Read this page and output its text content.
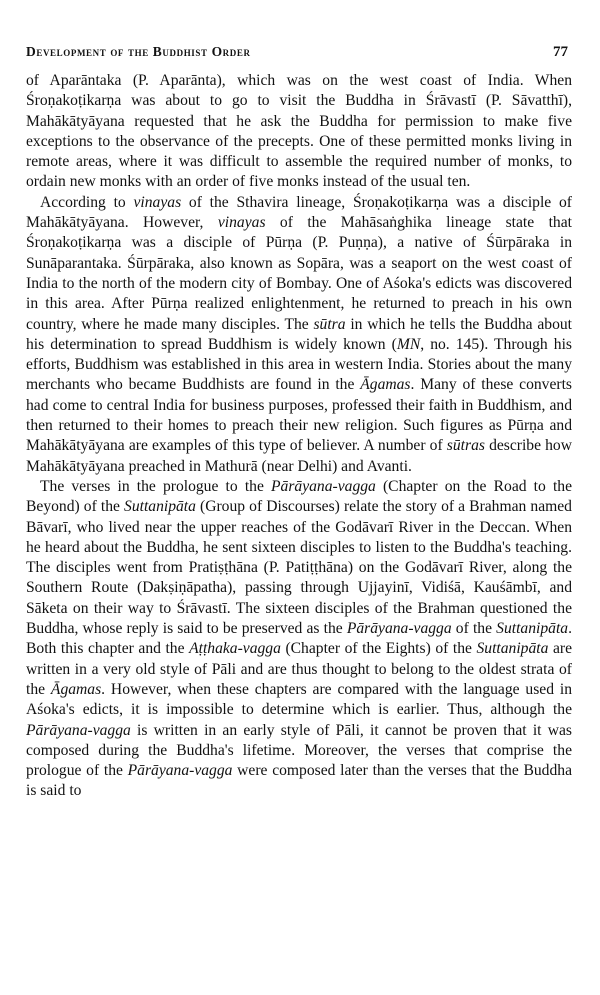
Development of the Buddhist Order	77

of Aparāntaka (P. Aparānta), which was on the west coast of India. When Śroṇakoṭikarṇa was about to go to visit the Buddha in Śrāvastī (P. Sāvatthī), Mahākātyāyana requested that he ask the Buddha for permission to make five exceptions to the observance of the precepts. One of these permitted monks living in remote areas, where it was difficult to assemble the required number of monks, to ordain new monks with an order of five monks instead of the usual ten.

According to vinayas of the Sthavira lineage, Śroṇakoṭikarṇa was a disciple of Mahākātyāyana. However, vinayas of the Mahāsaṅghika lineage state that Śroṇakoṭikarṇa was a disciple of Pūrṇa (P. Puṇṇa), a native of Śūrpāraka in Sunāparantaka. Śūrpāraka, also known as Sopāra, was a seaport on the west coast of India to the north of the modern city of Bombay. One of Aśoka's edicts was discovered in this area. After Pūrṇa realized enlightenment, he returned to preach in his own country, where he made many disciples. The sūtra in which he tells the Buddha about his determination to spread Buddhism is widely known (MN, no. 145). Through his efforts, Buddhism was established in this area in western India. Stories about the many merchants who became Buddhists are found in the Āgamas. Many of these converts had come to central India for business purposes, professed their faith in Buddhism, and then returned to their homes to preach their new religion. Such figures as Pūrṇa and Mahākātyāyana are examples of this type of believer. A number of sūtras describe how Mahākātyāyana preached in Mathurā (near Delhi) and Avanti.

The verses in the prologue to the Pārāyana-vagga (Chapter on the Road to the Beyond) of the Suttanipāta (Group of Discourses) relate the story of a Brahman named Bāvarī, who lived near the upper reaches of the Godāvarī River in the Deccan. When he heard about the Buddha, he sent sixteen disciples to listen to the Buddha's teaching. The disciples went from Pratiṣṭhāna (P. Patiṭṭhāna) on the Godāvarī River, along the Southern Route (Dakṣiṇāpatha), passing through Ujjayinī, Vidiśā, Kauśāmbī, and Sāketa on their way to Śrāvastī. The sixteen disciples of the Brahman questioned the Buddha, whose reply is said to be preserved as the Pārāyana-vagga of the Suttanipāta. Both this chapter and the Aṭṭhaka-vagga (Chapter of the Eights) of the Suttanipāta are written in a very old style of Pāli and are thus thought to belong to the oldest strata of the Āgamas. However, when these chapters are compared with the language used in Aśoka's edicts, it is impossible to determine which is earlier. Thus, although the Pārāyana-vagga is written in an early style of Pāli, it cannot be proven that it was composed during the Buddha's lifetime. Moreover, the verses that comprise the prologue of the Pārāyana-vagga were composed later than the verses that the Buddha is said to
